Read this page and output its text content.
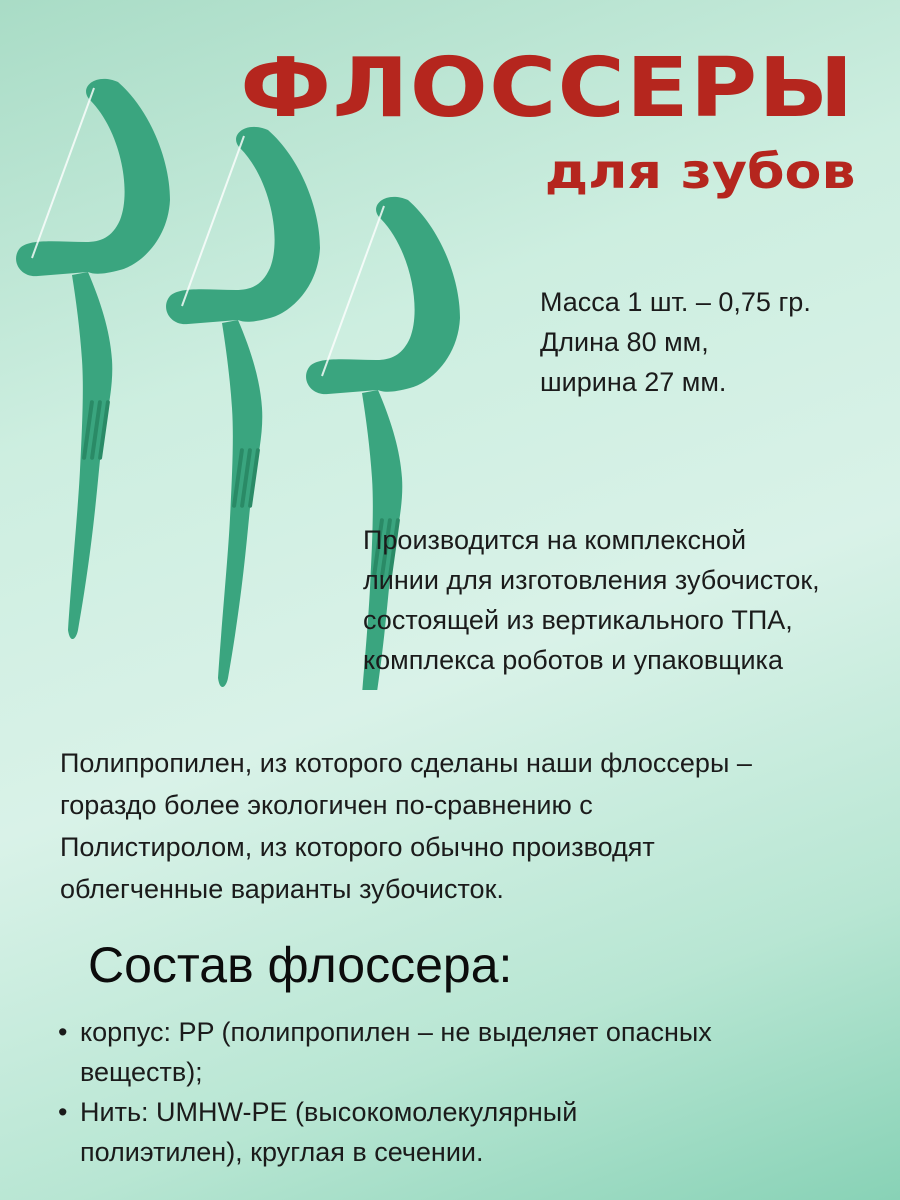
ФЛОССЕРЫ
для зубов
Масса 1 шт. – 0,75 гр.
Длина 80 мм,
ширина 27 мм.
Производится на комплексной
линии для изготовления зубочисток,
состоящей из вертикального ТПА,
комплекса роботов и упаковщика
Полипропилен, из которого сделаны наши флоссеры –
гораздо более экологичен по-сравнению с
Полистиролом, из которого обычно производят
облегченные варианты зубочисток.
Состав флоссера:
• корпус: PP (полипропилен – не выделяет опасных
веществ);
• Нить: UMHW-PE (высокомолекулярный
полиэтилен), круглая в сечении.
